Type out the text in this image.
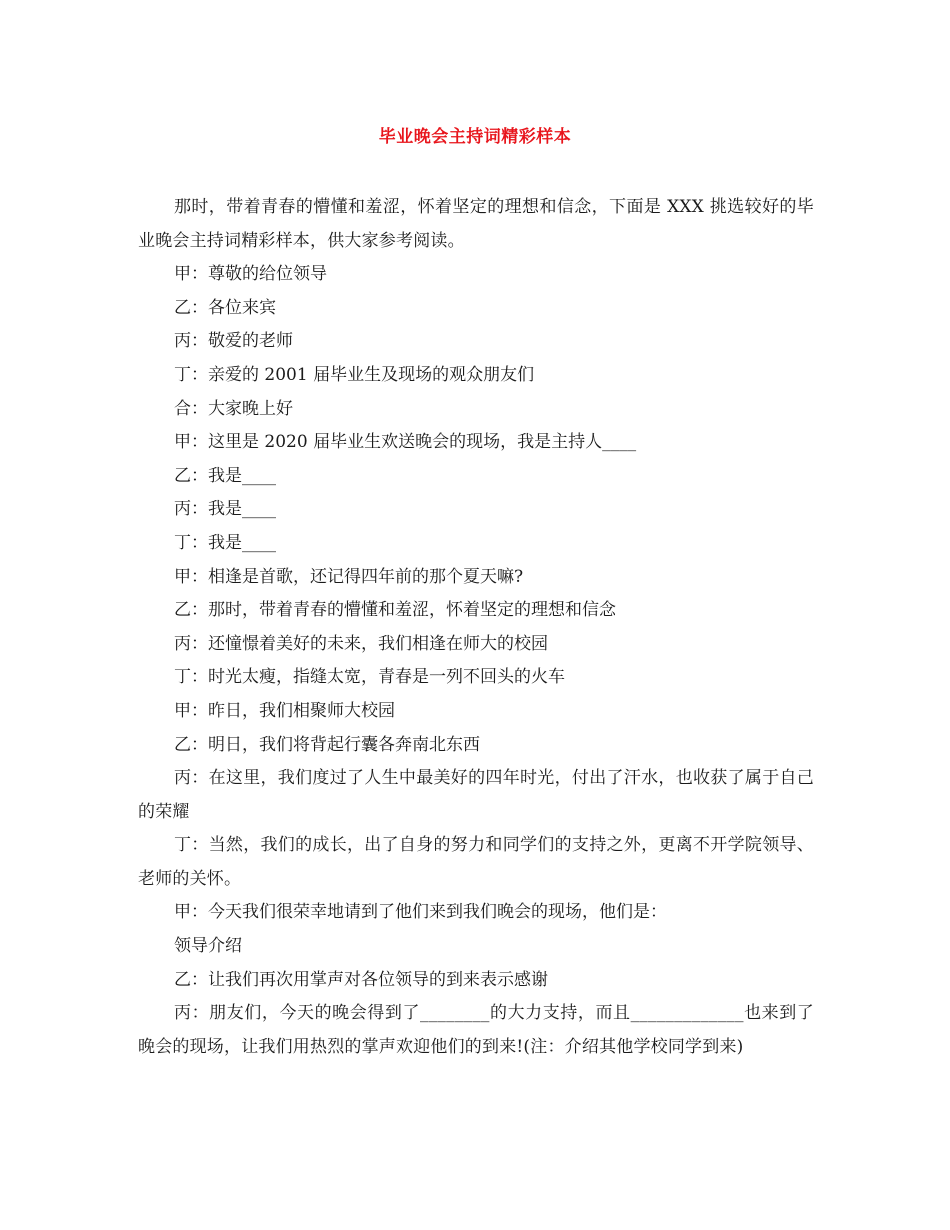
毕业晚会主持词精彩样本

那时，带着青春的懵懂和羞涩，怀着坚定的理想和信念，下面是 XXX 挑选较好的毕业晚会主持词精彩样本，供大家参考阅读。

甲：尊敬的给位领导

乙：各位来宾

丙：敬爱的老师

丁：亲爱的 2001 届毕业生及现场的观众朋友们

合：大家晚上好

甲：这里是 2020 届毕业生欢送晚会的现场，我是主持人____

乙：我是____

丙：我是____

丁：我是____

甲：相逢是首歌，还记得四年前的那个夏天嘛?

乙：那时，带着青春的懵懂和羞涩，怀着坚定的理想和信念

丙：还憧憬着美好的未来，我们相逢在师大的校园

丁：时光太瘦，指缝太宽，青春是一列不回头的火车

甲：昨日，我们相聚师大校园

乙：明日，我们将背起行囊各奔南北东西

丙：在这里，我们度过了人生中最美好的四年时光，付出了汗水，也收获了属于自己的荣耀

丁：当然，我们的成长，出了自身的努力和同学们的支持之外，更离不开学院领导、老师的关怀。

甲：今天我们很荣幸地请到了他们来到我们晚会的现场，他们是：

领导介绍

乙：让我们再次用掌声对各位领导的到来表示感谢

丙：朋友们，今天的晚会得到了________的大力支持，而且_____________也来到了晚会的现场，让我们用热烈的掌声欢迎他们的到来!(注：介绍其他学校同学到来)
